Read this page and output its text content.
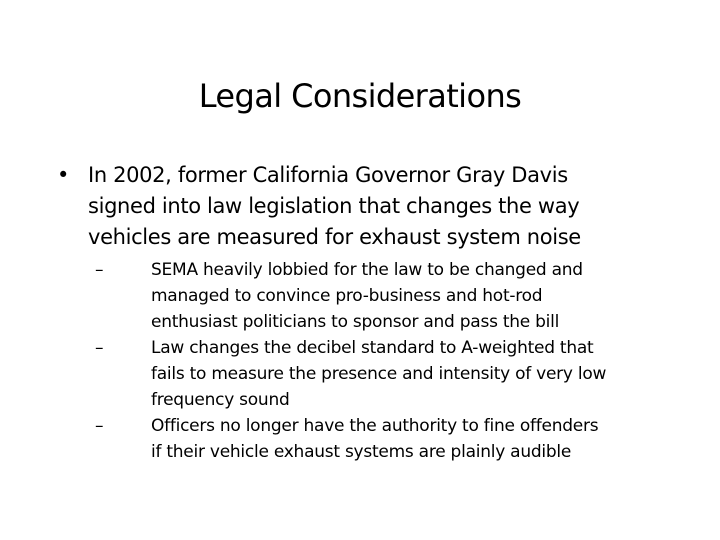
Legal Considerations
• In 2002, former California Governor Gray Davis
signed into law legislation that changes the way
vehicles are measured for exhaust system noise
–	SEMA heavily lobbied for the law to be changed and
managed to convince pro-business and hot-rod
enthusiast politicians to sponsor and pass the bill
–	Law changes the decibel standard to A-weighted that
fails to measure the presence and intensity of very low
frequency sound
–	Officers no longer have the authority to fine offenders
if their vehicle exhaust systems are plainly audible
